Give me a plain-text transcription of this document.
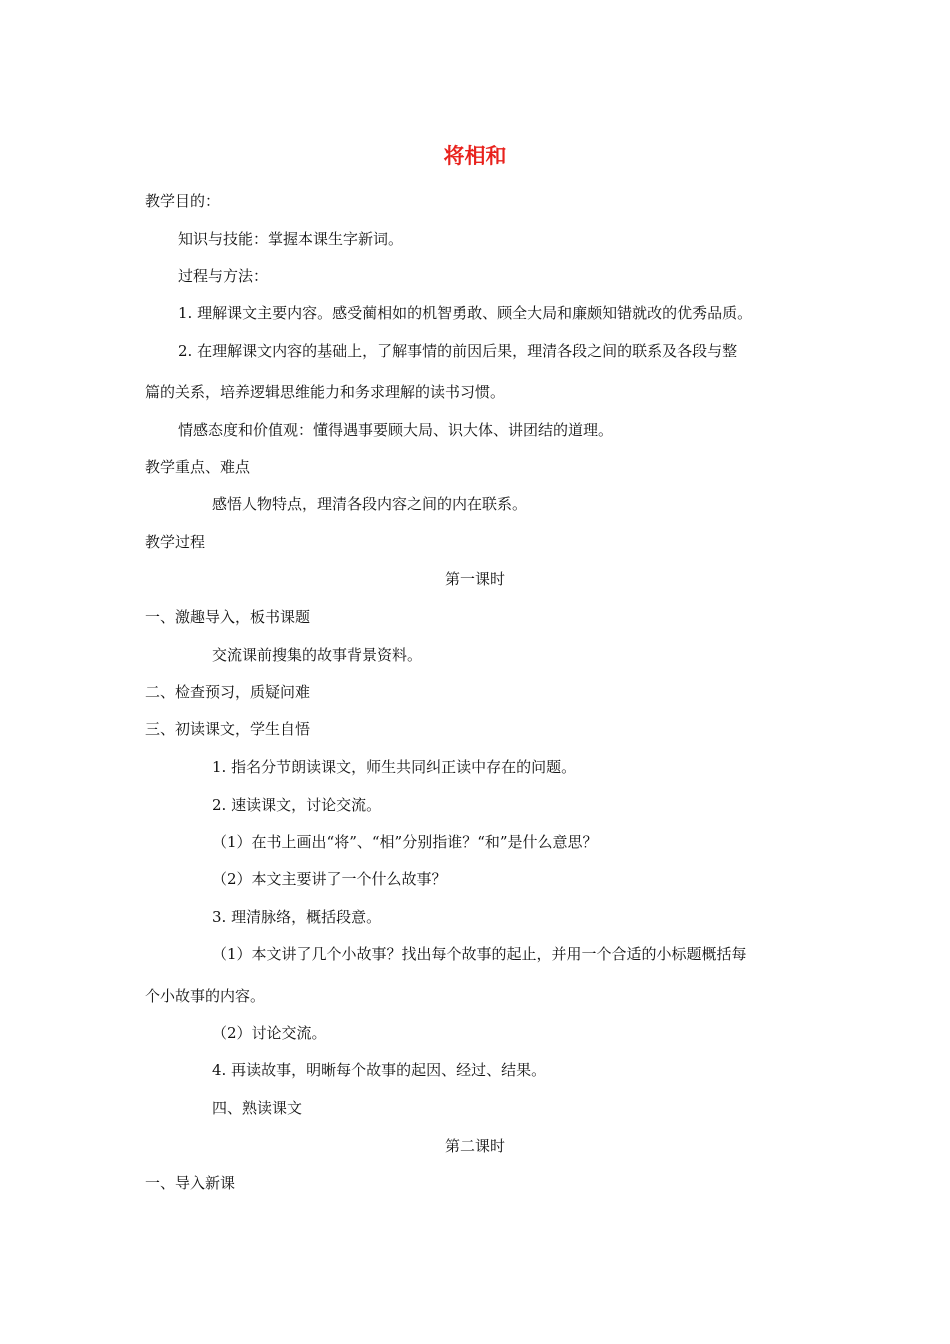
将相和
教学目的：
知识与技能：掌握本课生字新词。
过程与方法：
1. 理解课文主要内容。感受蔺相如的机智勇敢、顾全大局和廉颇知错就改的优秀品质。
2. 在理解课文内容的基础上，了解事情的前因后果，理清各段之间的联系及各段与整
篇的关系，培养逻辑思维能力和务求理解的读书习惯。
情感态度和价值观：懂得遇事要顾大局、识大体、讲团结的道理。
教学重点、难点
感悟人物特点，理清各段内容之间的内在联系。
教学过程
第一课时
一、激趣导入，板书课题
交流课前搜集的故事背景资料。
二、检查预习，质疑问难
三、初读课文，学生自悟
1. 指名分节朗读课文，师生共同纠正读中存在的问题。
2. 速读课文，讨论交流。
（1）在书上画出“将”、“相”分别指谁？“和”是什么意思？
（2）本文主要讲了一个什么故事？
3. 理清脉络，概括段意。
（1）本文讲了几个小故事？找出每个故事的起止，并用一个合适的小标题概括每
个小故事的内容。
（2）讨论交流。
4. 再读故事，明晰每个故事的起因、经过、结果。
四、熟读课文
第二课时
一、导入新课
